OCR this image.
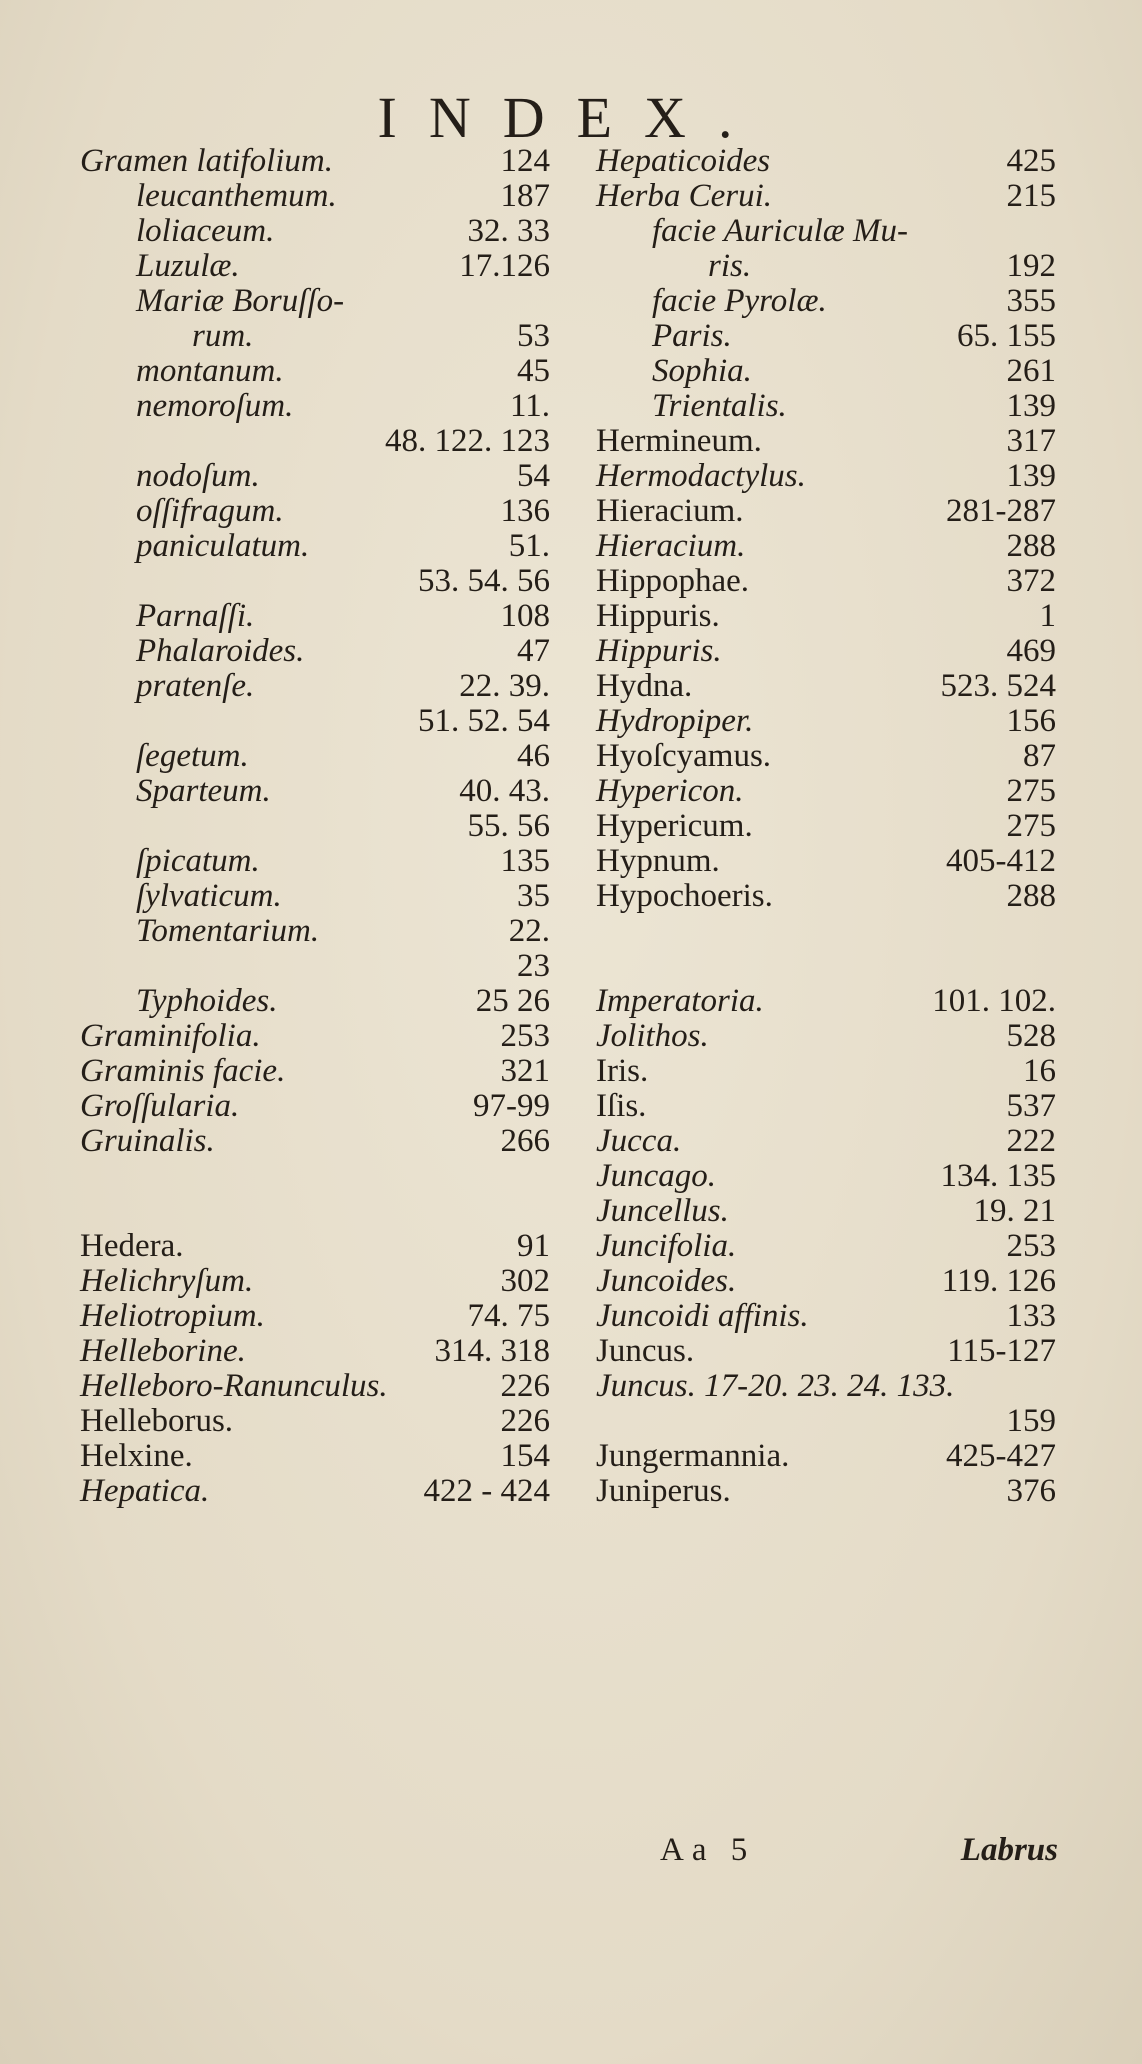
INDEX.
Gramen latifolium.	124
leucanthemum.	187
loliaceum.	32. 33
Luzulæ.	17.126
Mariæ Boruſſo-
rum.	53
montanum.	45
nemoroſum.	11.
48. 122. 123
nodoſum.	54
oſſifragum.	136
paniculatum.	51.
53. 54. 56
Parnaſſi.	108
Phalaroides.	47
pratenſe.	22. 39.
51. 52. 54
ſegetum.	46
Sparteum.	40. 43.
55. 56
ſpicatum.	135
ſylvaticum.	35
Tomentarium.	22.
23
Typhoides.	25 26
Graminifolia.	253
Graminis facie.	321
Groſſularia.	97-99
Gruinalis.	266
Hedera.	91
Helichryſum.	302
Heliotropium.	74. 75
Helleborine.	314. 318
Helleboro-Ranunculus.	226
Helleborus.	226
Helxine.	154
Hepatica.	422 - 424
Hepaticoides	425
Herba Cerui.	215
facie Auriculæ Mu-
ris.	192
facie Pyrolæ.	355
Paris.	65. 155
Sophia.	261
Trientalis.	139
Hermineum.	317
Hermodactylus.	139
Hieracium.	281-287
Hieracium.	288
Hippophae.	372
Hippuris.	1
Hippuris.	469
Hydna.	523. 524
Hydropiper.	156
Hyoſcyamus.	87
Hypericon.	275
Hypericum.	275
Hypnum.	405-412
Hypochoeris.	288
Imperatoria.	101. 102.
Jolithos.	528
Iris.	16
Iſis.	537
Jucca.	222
Juncago.	134. 135
Juncellus.	19. 21
Juncifolia.	253
Juncoides.	119. 126
Juncoidi affinis.	133
Juncus.	115-127
Juncus. 17-20. 23. 24. 133.
159
Jungermannia.	425-427
Juniperus.	376
Aa 5	Labrus
